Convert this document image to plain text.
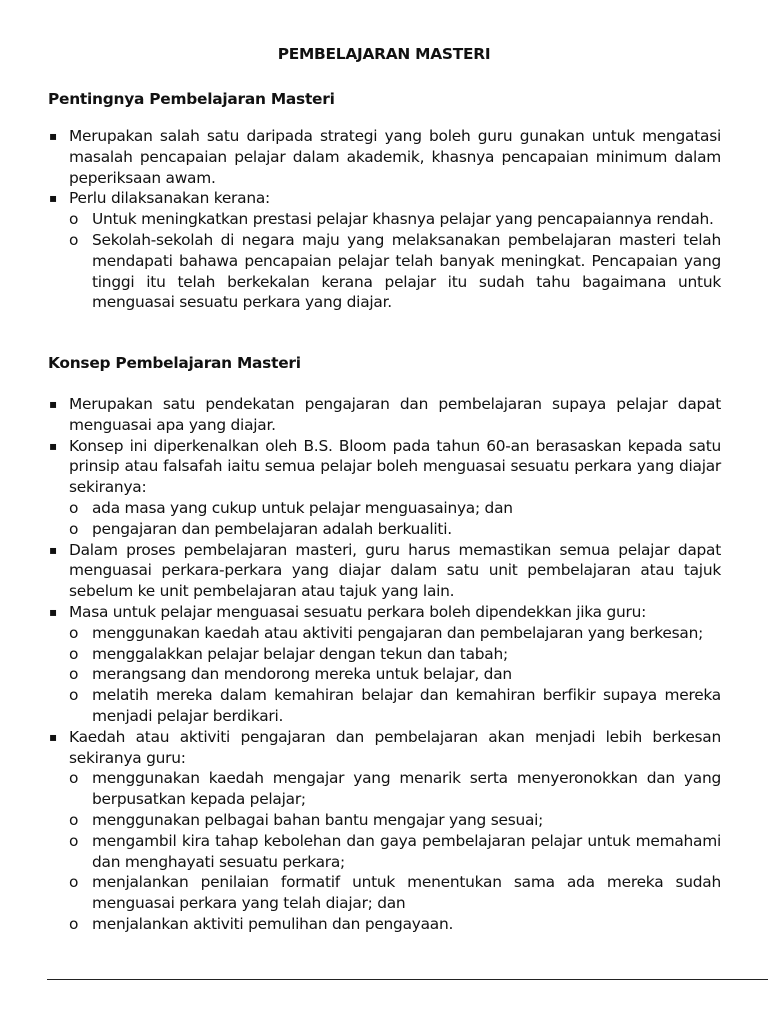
PEMBELAJARAN MASTERI
Pentingnya Pembelajaran Masteri
▪ Merupakan salah satu daripada strategi yang boleh guru gunakan untuk mengatasi masalah pencapaian pelajar dalam akademik, khasnya pencapaian minimum dalam peperiksaan awam.
▪ Perlu dilaksanakan kerana:
o Untuk meningkatkan prestasi pelajar khasnya pelajar yang pencapaiannya rendah.
o Sekolah-sekolah di negara maju yang melaksanakan pembelajaran masteri telah mendapati bahawa pencapaian pelajar telah banyak meningkat. Pencapaian yang tinggi itu telah berkekalan kerana pelajar itu sudah tahu bagaimana untuk menguasai sesuatu perkara yang diajar.
Konsep Pembelajaran Masteri
▪ Merupakan satu pendekatan pengajaran dan pembelajaran supaya pelajar dapat menguasai apa yang diajar.
▪ Konsep ini diperkenalkan oleh B.S. Bloom pada tahun 60-an berasaskan kepada satu prinsip atau falsafah iaitu semua pelajar boleh menguasai sesuatu perkara yang diajar sekiranya:
o ada masa yang cukup untuk pelajar menguasainya; dan
o pengajaran dan pembelajaran adalah berkualiti.
▪ Dalam proses pembelajaran masteri, guru harus memastikan semua pelajar dapat menguasai perkara-perkara yang diajar dalam satu unit pembelajaran atau tajuk sebelum ke unit pembelajaran atau tajuk yang lain.
▪ Masa untuk pelajar menguasai sesuatu perkara boleh dipendekkan jika guru:
o menggunakan kaedah atau aktiviti pengajaran dan pembelajaran yang berkesan;
o menggalakkan pelajar belajar dengan tekun dan tabah;
o merangsang dan mendorong mereka untuk belajar, dan
o melatih mereka dalam kemahiran belajar dan kemahiran berfikir supaya mereka menjadi pelajar berdikari.
▪ Kaedah atau aktiviti pengajaran dan pembelajaran akan menjadi lebih berkesan sekiranya guru:
o menggunakan kaedah mengajar yang menarik serta menyeronokkan dan yang berpusatkan kepada pelajar;
o menggunakan pelbagai bahan bantu mengajar yang sesuai;
o mengambil kira tahap kebolehan dan gaya pembelajaran pelajar untuk memahami dan menghayati sesuatu perkara;
o menjalankan penilaian formatif untuk menentukan sama ada mereka sudah menguasai perkara yang telah diajar; dan
o menjalankan aktiviti pemulihan dan pengayaan.
